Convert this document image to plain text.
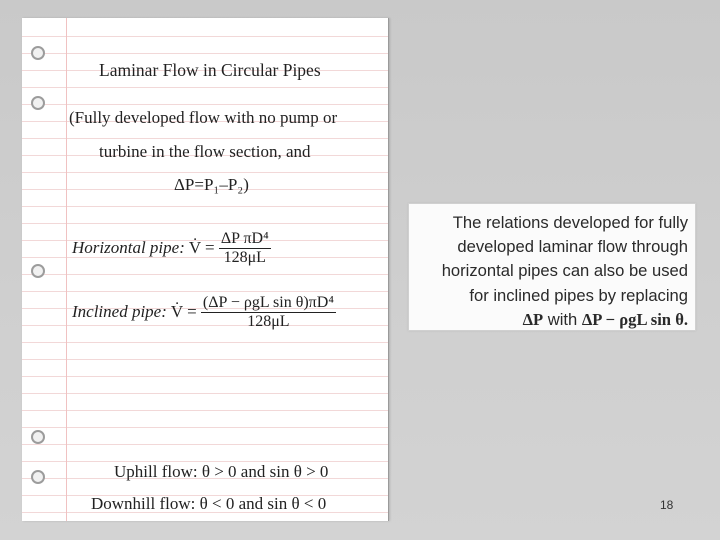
Laminar Flow in Circular Pipes
(Fully developed flow with no pump or
turbine in the flow section, and
ΔP=P₁–P₂)
Horizontal pipe: V̇ = $\frac{\text{ΔP πD⁴}}{128\mu L}$
Inclined pipe: V̇ = $\frac{\text{(ΔP − ρgL sin θ)πD⁴}}{128\mu L}$
Uphill flow: θ > 0 and sin θ > 0
Downhill flow: θ < 0 and sin θ < 0
The relations developed for fully
developed laminar flow through
horizontal pipes can also be used
for inclined pipes by replacing
ΔP with ΔP − ρgL sin θ.
18
